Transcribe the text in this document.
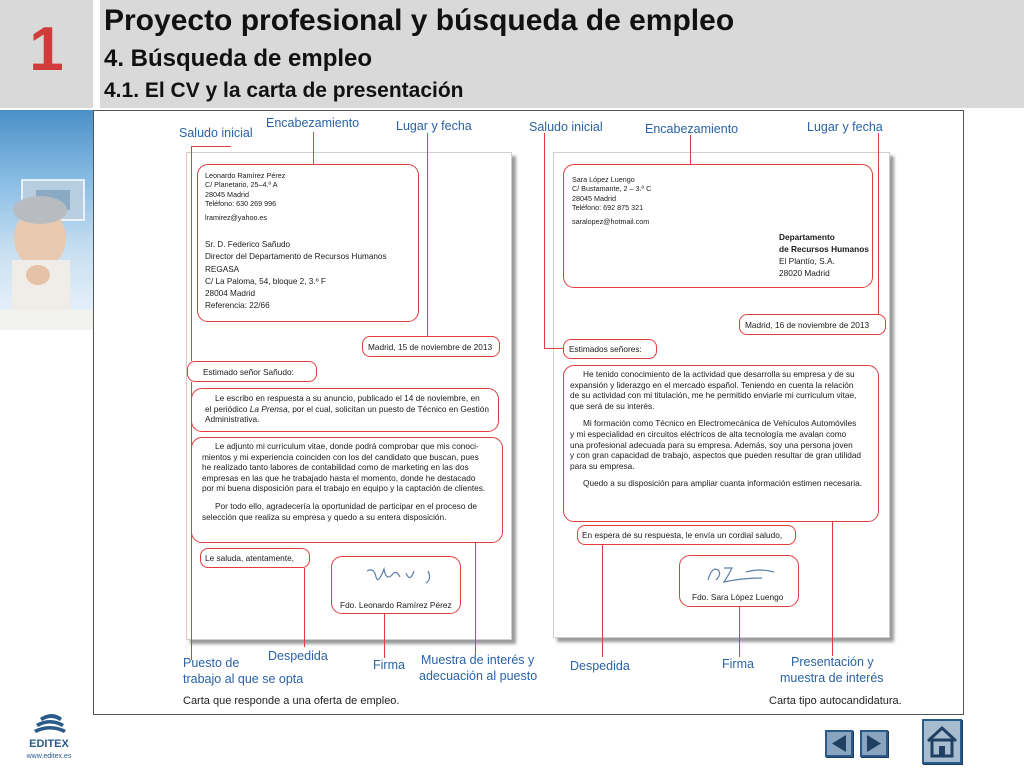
1
EDITEX
www.editex.es
Proyecto profesional y búsqueda de empleo
4. Búsqueda de empleo
4.1. El CV y la carta de presentación
Leonardo Ramírez Pérez
C/ Planetario, 25–4.º A
28045 Madrid
Teléfono: 630 269 996
lramirez@yahoo.es
Sr. D. Federico Sañudo
Director del Departamento de Recursos Humanos
REGASA
C/ La Paloma, 54, bloque 2, 3.º F
28004 Madrid
Referencia: 22/66
Madrid, 15 de noviembre de 2013
Estimado señor Sañudo:
Le escribo en respuesta a su anuncio, publicado el 14 de noviembre, en
el periódico La Prensa, por el cual, solicitan un puesto de Técnico en Gestión
Administrativa.
Le adjunto mi curriculum vitae, donde podrá comprobar que mis conoci-
mientos y mi experiencia coinciden con los del candidato que buscan, pues
he realizado tanto labores de contabilidad como de marketing en las dos
empresas en las que he trabajado hasta el momento, donde he destacado
por mi buena disposición para el trabajo en equipo y la captación de clientes.
Por todo ello, agradecería la oportunidad de participar en el proceso de
selección que realiza su empresa y quedo a su entera disposición.
Le saluda, atentamente,
Fdo. Leonardo Ramírez Pérez
Saludo inicial
Encabezamiento	Lugar y fecha
Puesto de
trabajo al que se opta
Despedida
Firma Muestra de interés y
adecuación al puesto
Carta que responde a una oferta de empleo.
Sara López Luengo
C/ Bustamante, 2 – 3.º C
28045 Madrid
Teléfono: 692 875 321
saralopez@hotmail.com
Departamento
de Recursos Humanos
El Plantío, S.A.
28020 Madrid
Madrid, 16 de noviembre de 2013
Estimados señores:
He tenido conocimiento de la actividad que desarrolla su empresa y de su
expansión y liderazgo en el mercado español. Teniendo en cuenta la relación
de su actividad con mi titulación, me he permitido enviarle mi curriculum vitae,
que será de su interés.
Mi formación como Técnico en Electromecánica de Vehículos Automóviles
y mi especialidad en circuitos eléctricos de alta tecnología me avalan como
una profesional adecuada para su empresa. Además, soy una persona joven
y con gran capacidad de trabajo, aspectos que pueden resultar de gran utilidad
para su empresa.
Quedo a su disposición para ampliar cuanta información estimen necesaria.
En espera de su respuesta, le envía un cordial saludo,
Fdo. Sara López Luengo
Saludo inicial	Encabezamiento	Lugar y fecha
Despedida	Firma	Presentación y
muestra de interés
Carta tipo autocandidatura.
